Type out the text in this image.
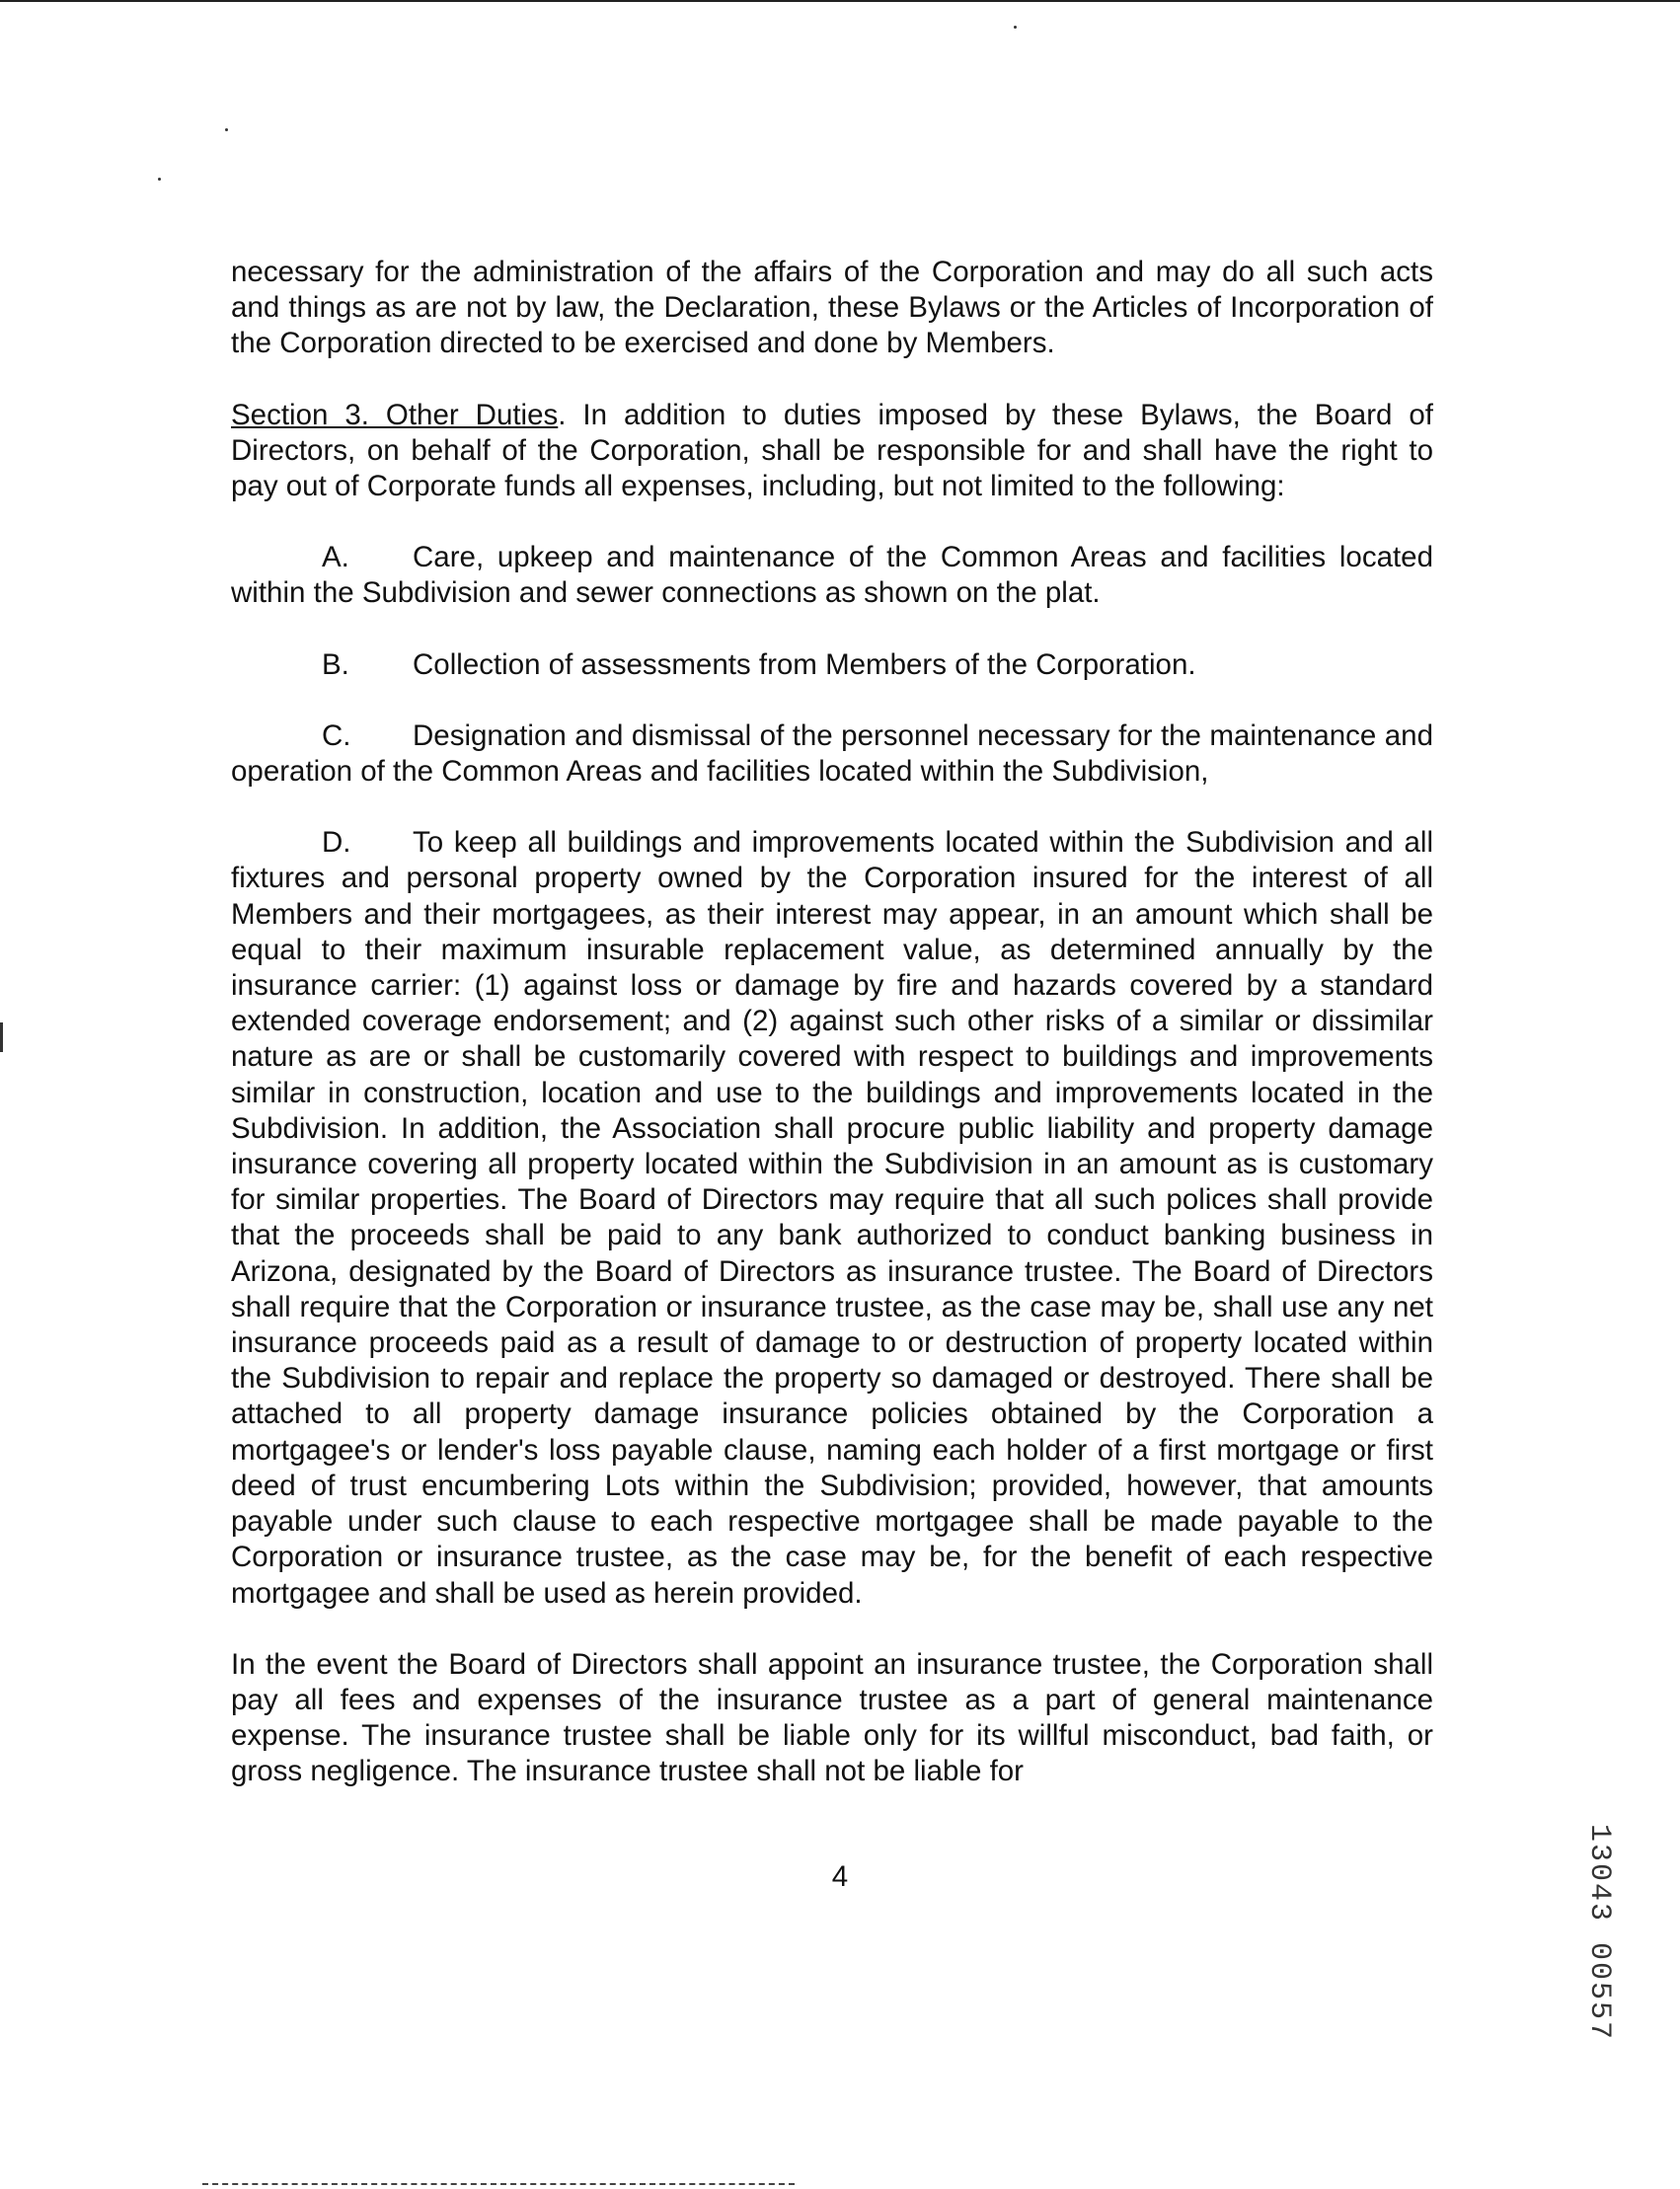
necessary for the administration of the affairs of the Corporation and may do all such acts and things as are not by law, the Declaration, these Bylaws or the Articles of Incorporation of the Corporation directed to be exercised and done by Members.

Section 3. Other Duties. In addition to duties imposed by these Bylaws, the Board of Directors, on behalf of the Corporation, shall be responsible for and shall have the right to pay out of Corporate funds all expenses, including, but not limited to the following:

A. Care, upkeep and maintenance of the Common Areas and facilities located within the Subdivision and sewer connections as shown on the plat.

B. Collection of assessments from Members of the Corporation.

C. Designation and dismissal of the personnel necessary for the maintenance and operation of the Common Areas and facilities located within the Subdivision,

D. To keep all buildings and improvements located within the Subdivision and all fixtures and personal property owned by the Corporation insured for the interest of all Members and their mortgagees, as their interest may appear, in an amount which shall be equal to their maximum insurable replacement value, as determined annually by the insurance carrier: (1) against loss or damage by fire and hazards covered by a standard extended coverage endorsement; and (2) against such other risks of a similar or dissimilar nature as are or shall be customarily covered with respect to buildings and improvements similar in construction, location and use to the buildings and improvements located in the Subdivision. In addition, the Association shall procure public liability and property damage insurance covering all property located within the Subdivision in an amount as is customary for similar properties. The Board of Directors may require that all such polices shall provide that the proceeds shall be paid to any bank authorized to conduct banking business in Arizona, designated by the Board of Directors as insurance trustee. The Board of Directors shall require that the Corporation or insurance trustee, as the case may be, shall use any net insurance proceeds paid as a result of damage to or destruction of property located within the Subdivision to repair and replace the property so damaged or destroyed. There shall be attached to all property damage insurance policies obtained by the Corporation a mortgagee's or lender's loss payable clause, naming each holder of a first mortgage or first deed of trust encumbering Lots within the Subdivision; provided, however, that amounts payable under such clause to each respective mortgagee shall be made payable to the Corporation or insurance trustee, as the case may be, for the benefit of each respective mortgagee and shall be used as herein provided.

In the event the Board of Directors shall appoint an insurance trustee, the Corporation shall pay all fees and expenses of the insurance trustee as a part of general maintenance expense. The insurance trustee shall be liable only for its willful misconduct, bad faith, or gross negligence. The insurance trustee shall not be liable for

4	13043 00557
